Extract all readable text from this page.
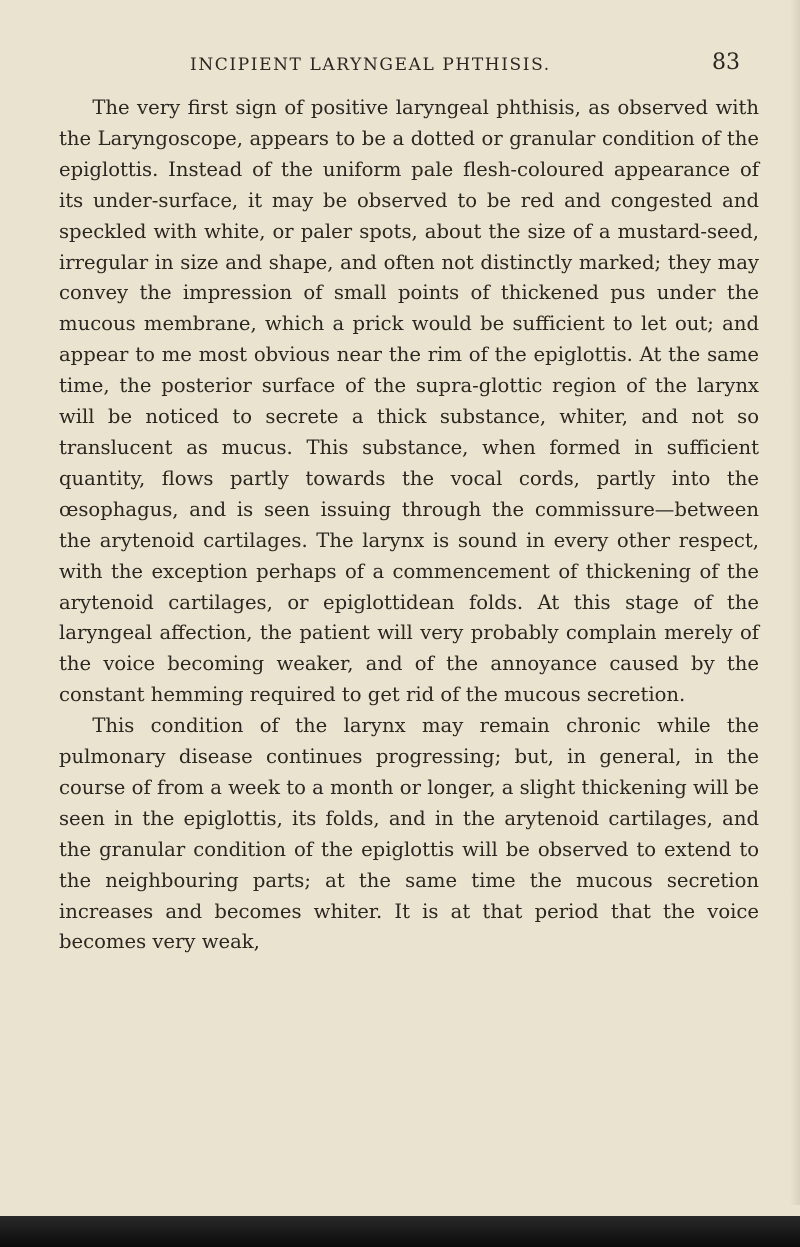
INCIPIENT LARYNGEAL PHTHISIS.	83

The very first sign of positive laryngeal phthisis, as observed with the Laryngoscope, appears to be a dotted or granular condition of the epiglottis. Instead of the uniform pale flesh-coloured appearance of its under-surface, it may be observed to be red and congested and speckled with white, or paler spots, about the size of a mustard-seed, irregular in size and shape, and often not distinctly marked; they may convey the impression of small points of thickened pus under the mucous membrane, which a prick would be sufficient to let out; and appear to me most obvious near the rim of the epiglottis. At the same time, the posterior surface of the supra-glottic region of the larynx will be noticed to secrete a thick substance, whiter, and not so translucent as mucus. This substance, when formed in sufficient quantity, flows partly towards the vocal cords, partly into the œsophagus, and is seen issuing through the commissure—between the arytenoid cartilages. The larynx is sound in every other respect, with the exception perhaps of a commencement of thickening of the arytenoid cartilages, or epiglottidean folds. At this stage of the laryngeal affection, the patient will very probably complain merely of the voice becoming weaker, and of the annoyance caused by the constant hemming required to get rid of the mucous secretion.

This condition of the larynx may remain chronic while the pulmonary disease continues progressing; but, in general, in the course of from a week to a month or longer, a slight thickening will be seen in the epiglottis, its folds, and in the arytenoid cartilages, and the granular condition of the epiglottis will be observed to extend to the neighbouring parts; at the same time the mucous secretion increases and becomes whiter. It is at that period that the voice becomes very weak,
